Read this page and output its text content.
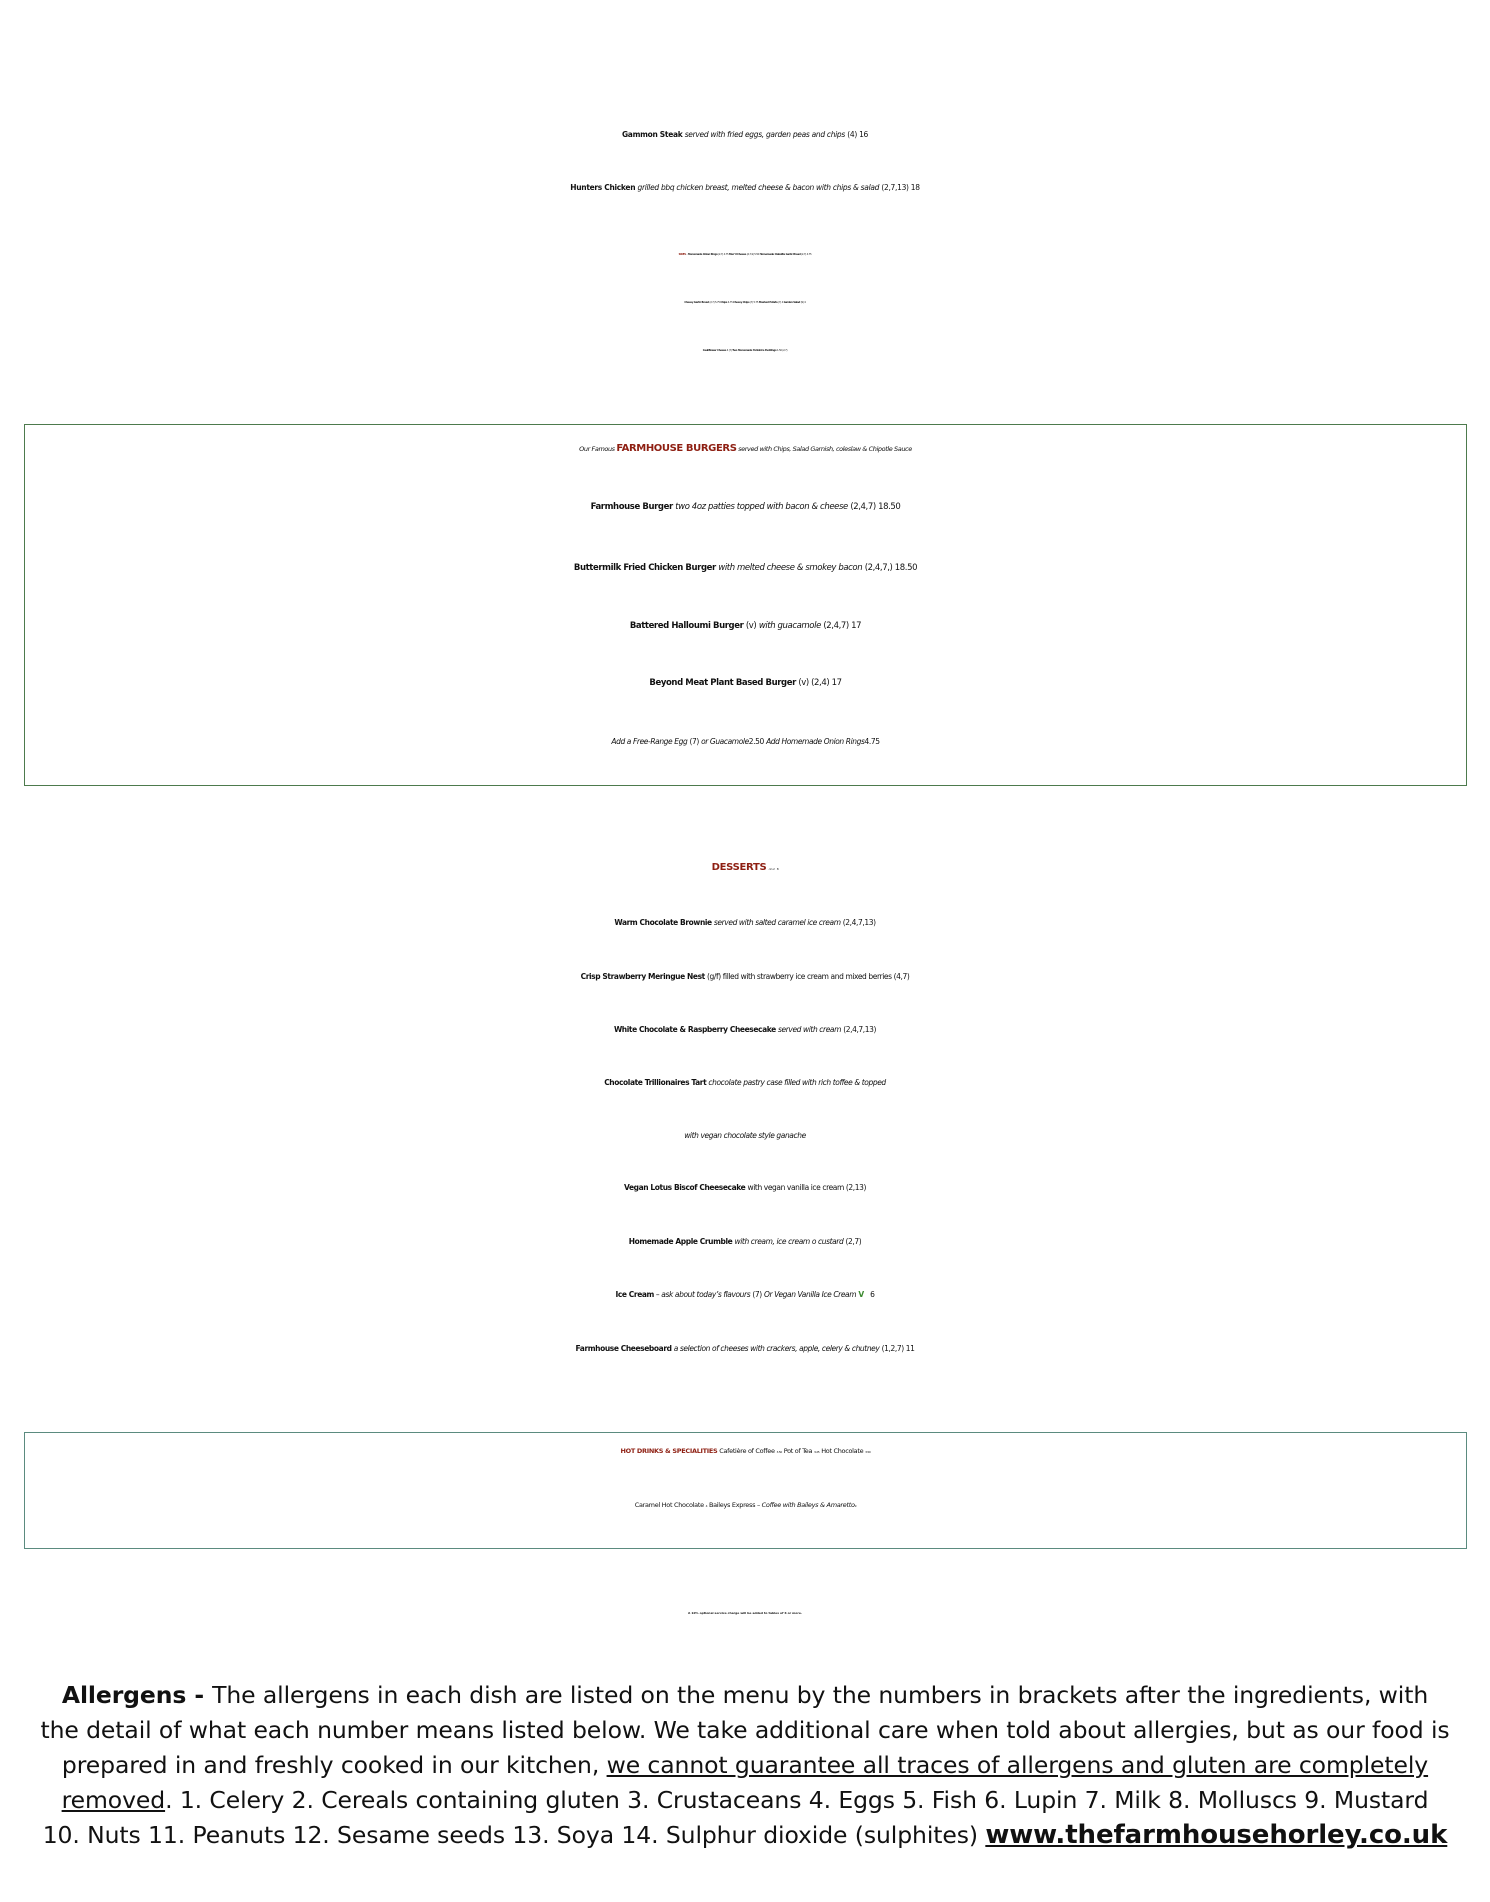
Gammon Steak served with fried eggs, garden peas and chips (4) 16
Hunters Chicken grilled bbq chicken breast, melted cheese & bacon with chips & salad (2,7,13) 18
SIDES - Homemade Onion Rings (2,7) 4.75 Mac’n’Cheese (2,7,9) 5.50 Homemade Ciabatta Garlic Bread (2,7) 4.75
Cheesy Garlic Bread (2,7) 5.75 Chips 4.75 Cheesy Chips (7) 5.75 Mashed Potato (7) 4 Garden Salad (9) 4
Cauliflower Cheese 4 (7) Two Homemade Yorkshire Puddings 1.50 (2,7)
Our Famous FARMHOUSE BURGERS served with Chips, Salad Garnish, coleslaw & Chipotle Sauce
Farmhouse Burger two 4oz patties topped with bacon & cheese (2,4,7) 18.50
Buttermilk Fried Chicken Burger with melted cheese & smokey bacon (2,4,7,) 18.50
Battered Halloumi Burger (v) with guacamole (2,4,7) 17
Beyond Meat Plant Based Burger (v) (2,4) 17
Add a Free-Range Egg (7) or Guacamole2.50 Add Homemade Onion Rings4.75
DESSERTS All at 8
Warm Chocolate Brownie served with salted caramel ice cream (2,4,7,13)
Crisp Strawberry Meringue Nest (g/f) filled with strawberry ice cream and mixed berries (4,7)
White Chocolate & Raspberry Cheesecake served with cream (2,4,7,13)
Chocolate Trillionaires Tart chocolate pastry case filled with rich toffee & topped
with vegan chocolate style ganache
Vegan Lotus Biscof Cheesecake with vegan vanilla ice cream (2,13)
Homemade Apple Crumble with cream, ice cream o custard (2,7)
Ice Cream – ask about today’s flavours (7) Or Vegan Vanilla Ice Cream V 6
Farmhouse Cheeseboard a selection of cheeses with crackers, apple, celery & chutney (1,2,7) 11
HOT DRINKS & SPECIALITIES Cafetière of Coffee 3.50 Pot of Tea 3.25 Hot Chocolate 3.50
Caramel Hot Chocolate 4 Baileys Express – Coffee with Baileys & Amaretto9
A 10% optional service charge will be added to tables of 6 or more.
Allergens - The allergens in each dish are listed on the menu by the numbers in brackets after the ingredients, with the detail of what each number means listed below. We take additional care when told about allergies, but as our food is prepared in and freshly cooked in our kitchen, we cannot guarantee all traces of allergens and gluten are completely removed. 1. Celery 2. Cereals containing gluten 3. Crustaceans 4. Eggs 5. Fish 6. Lupin 7. Milk 8. Molluscs 9. Mustard 10. Nuts 11. Peanuts 12. Sesame seeds 13. Soya 14. Sulphur dioxide (sulphites) www.thefarmhousehorley.co.uk
